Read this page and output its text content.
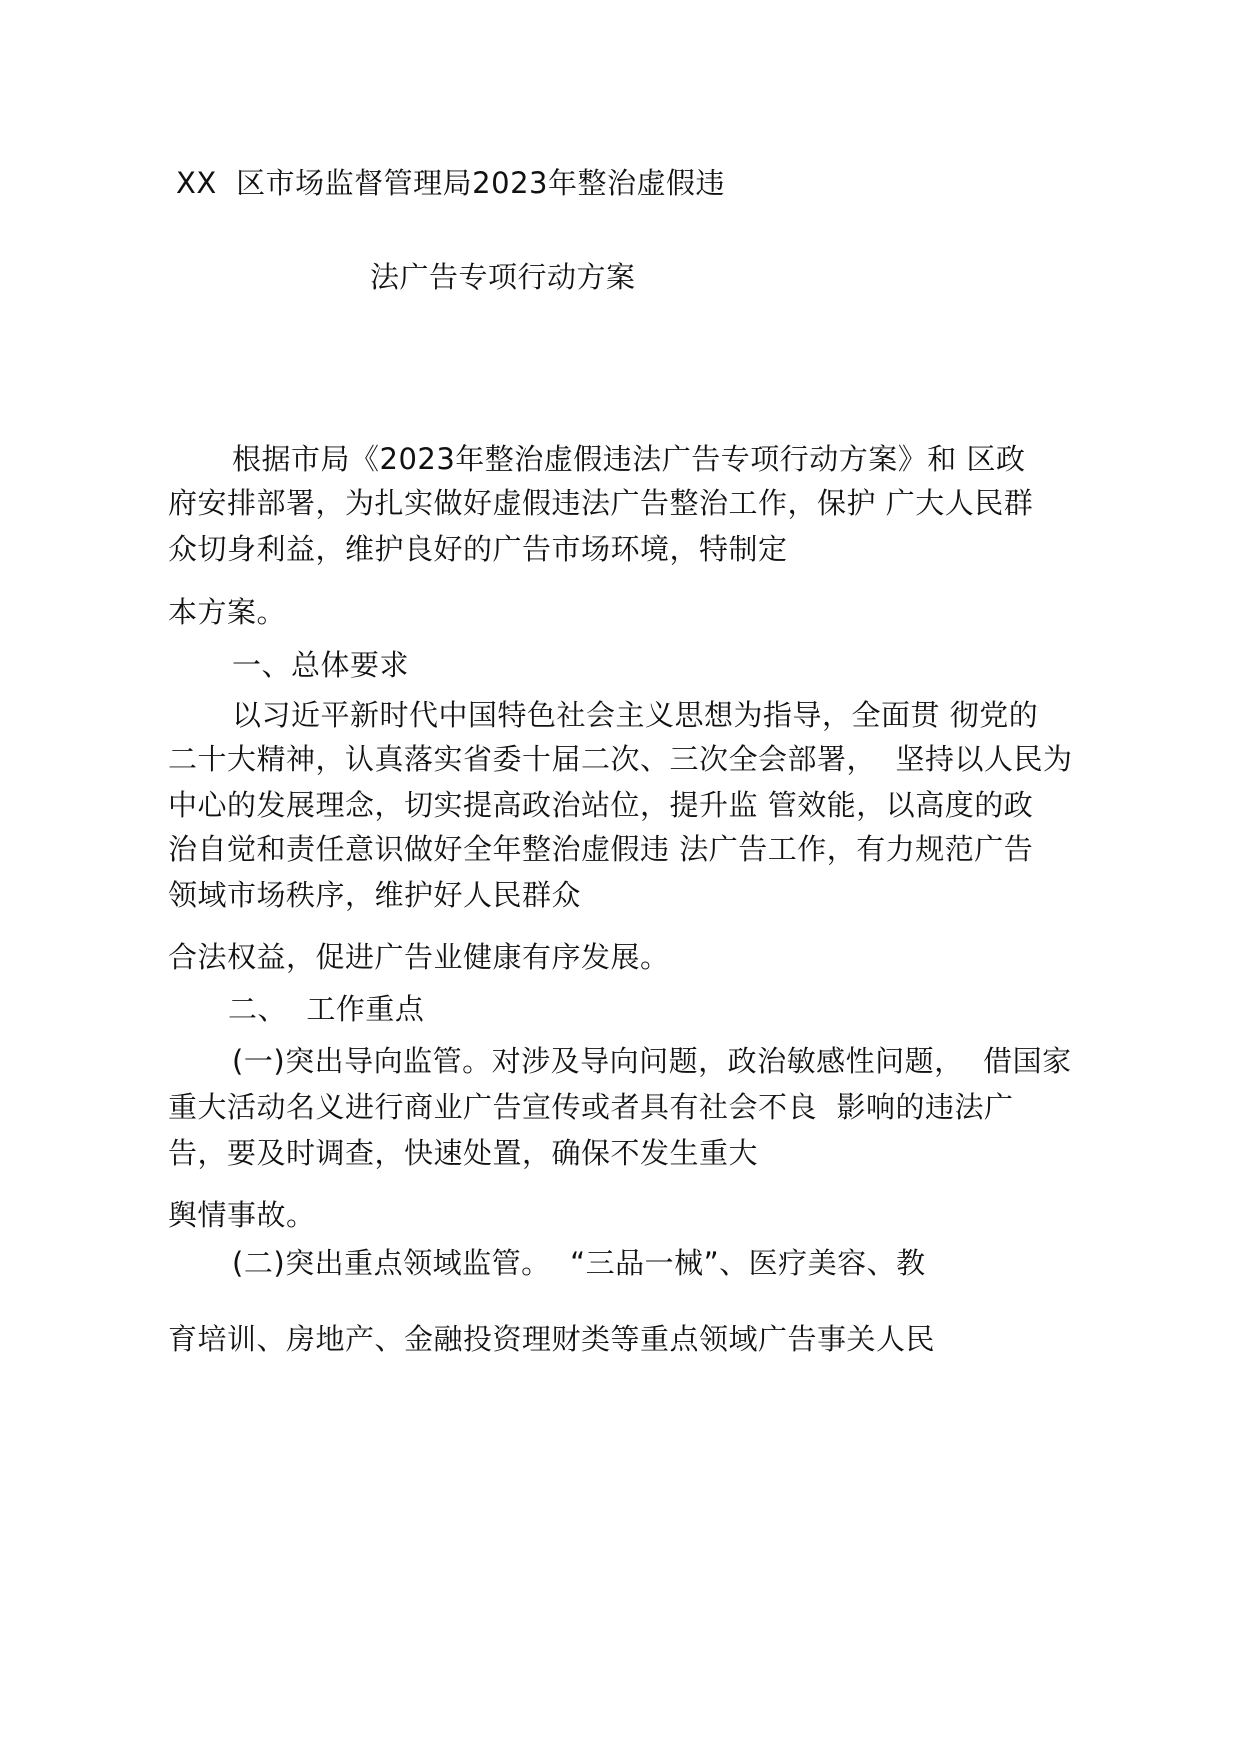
XX  区市场监督管理局2023年整治虚假违
法广告专项行动方案
根据市局《2023年整治虚假违法广告专项行动方案》和 区政
府安排部署，为扎实做好虚假违法广告整治工作，保护 广大人民群
众切身利益，维护良好的广告市场环境，特制定
本方案。
一、总体要求
以习近平新时代中国特色社会主义思想为指导，全面贯 彻党的
二十大精神，认真落实省委十届二次、三次全会部署，  坚持以人民为
中心的发展理念，切实提高政治站位，提升监 管效能，以高度的政
治自觉和责任意识做好全年整治虚假违 法广告工作，有力规范广告
领域市场秩序，维护好人民群众
合法权益，促进广告业健康有序发展。
二、  工作重点
(一)突出导向监管。对涉及导向问题，政治敏感性问题，  借国家
重大活动名义进行商业广告宣传或者具有社会不良  影响的违法广
告，要及时调查，快速处置，确保不发生重大
舆情事故。
(二)突出重点领域监管。  “三品一械”、医疗美容、教
育培训、房地产、金融投资理财类等重点领域广告事关人民
